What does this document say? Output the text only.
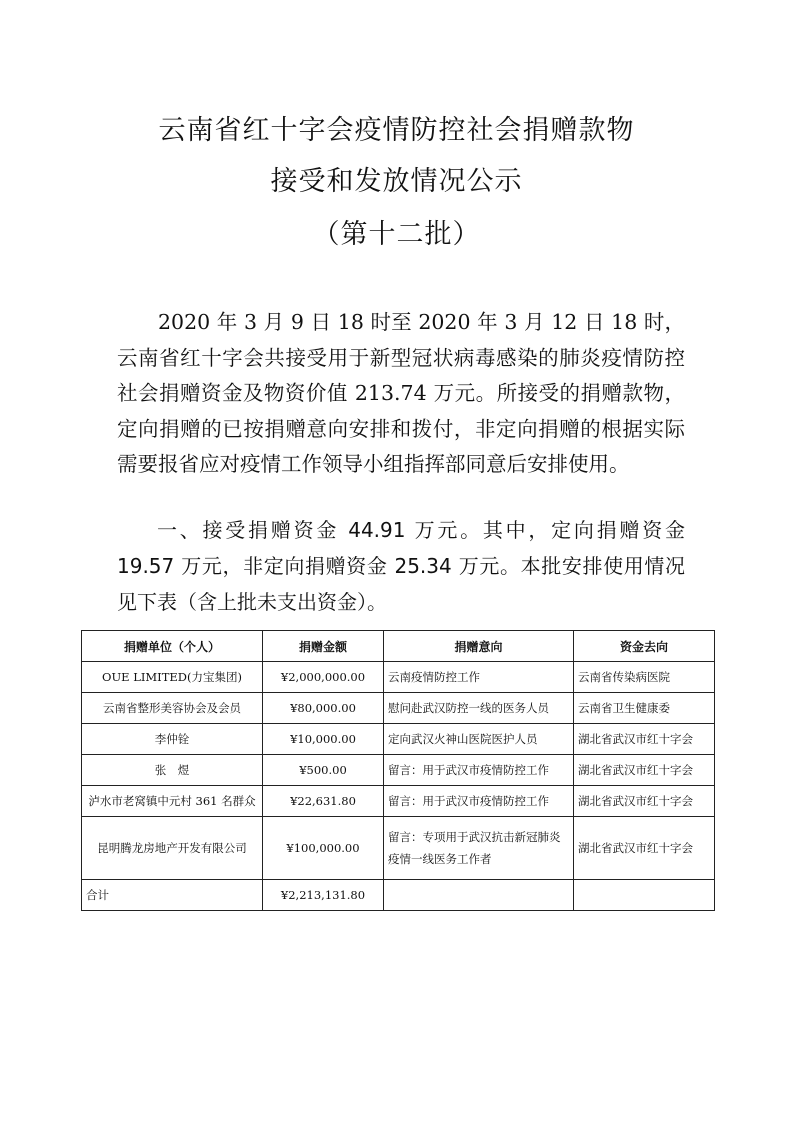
云南省红十字会疫情防控社会捐赠款物
接受和发放情况公示
（第十二批）
2020 年 3 月 9 日 18 时至 2020 年 3 月 12 日 18 时，云南省红十字会共接受用于新型冠状病毒感染的肺炎疫情防控社会捐赠资金及物资价值 213.74 万元。所接受的捐赠款物，定向捐赠的已按捐赠意向安排和拨付，非定向捐赠的根据实际需要报省应对疫情工作领导小组指挥部同意后安排使用。
一、接受捐赠资金 44.91 万元。其中，定向捐赠资金 19.57 万元，非定向捐赠资金 25.34 万元。本批安排使用情况见下表（含上批未支出资金）。
捐赠单位（个人）	捐赠金额	捐赠意向	资金去向
OUE LIMITED(力宝集团)	¥2,000,000.00	云南疫情防控工作	云南省传染病医院
云南省整形美容协会及会员	¥80,000.00	慰问赴武汉防控一线的医务人员	云南省卫生健康委
李仲铨	¥10,000.00	定向武汉火神山医院医护人员	湖北省武汉市红十字会
张　煜	¥500.00	留言：用于武汉市疫情防控工作	湖北省武汉市红十字会
泸水市老窝镇中元村 361 名群众	¥22,631.80	留言：用于武汉市疫情防控工作	湖北省武汉市红十字会
昆明腾龙房地产开发有限公司	¥100,000.00	留言：专项用于武汉抗击新冠肺炎疫情一线医务工作者	湖北省武汉市红十字会
合计	¥2,213,131.80		
